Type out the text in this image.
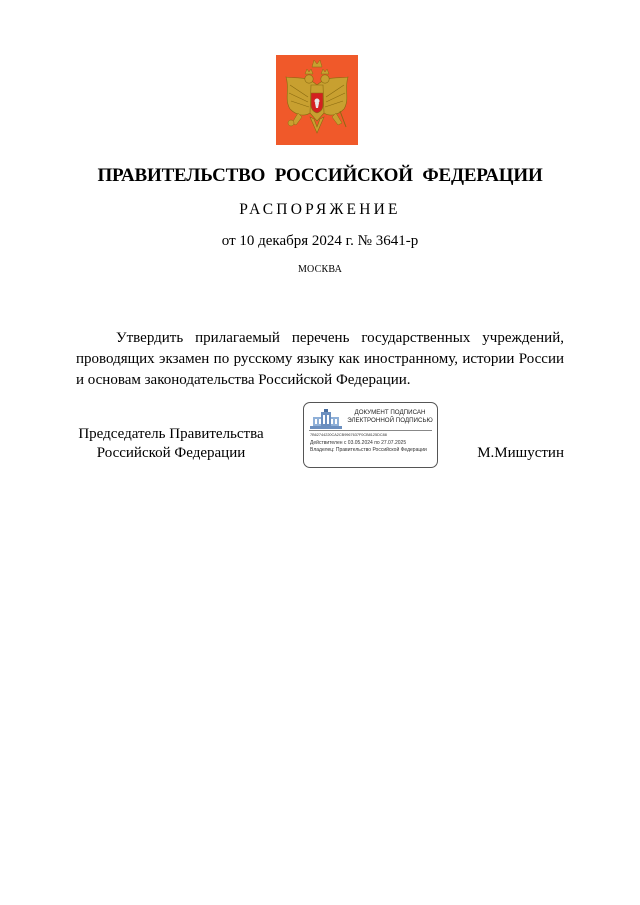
ПРАВИТЕЛЬСТВО РОССИЙСКОЙ ФЕДЕРАЦИИ
РАСПОРЯЖЕНИЕ
от 10 декабря 2024 г. № 3641-р
МОСКВА
Утвердить прилагаемый перечень государственных учреждений, проводящих экзамен по русскому языку как иностранному, истории России и основам законодательства Российской Федерации.
Председатель Правительства
Российской Федерации
ДОКУМЕНТ ПОДПИСАН
ЭЛЕКТРОННОЙ ПОДПИСЬЮ
7B62744220CA2CB9967637F0CB8125DC88
Действителен с 03.05.2024 по 27.07.2025
Владелец: Правительство Российской Федерации	М.Мишустин
